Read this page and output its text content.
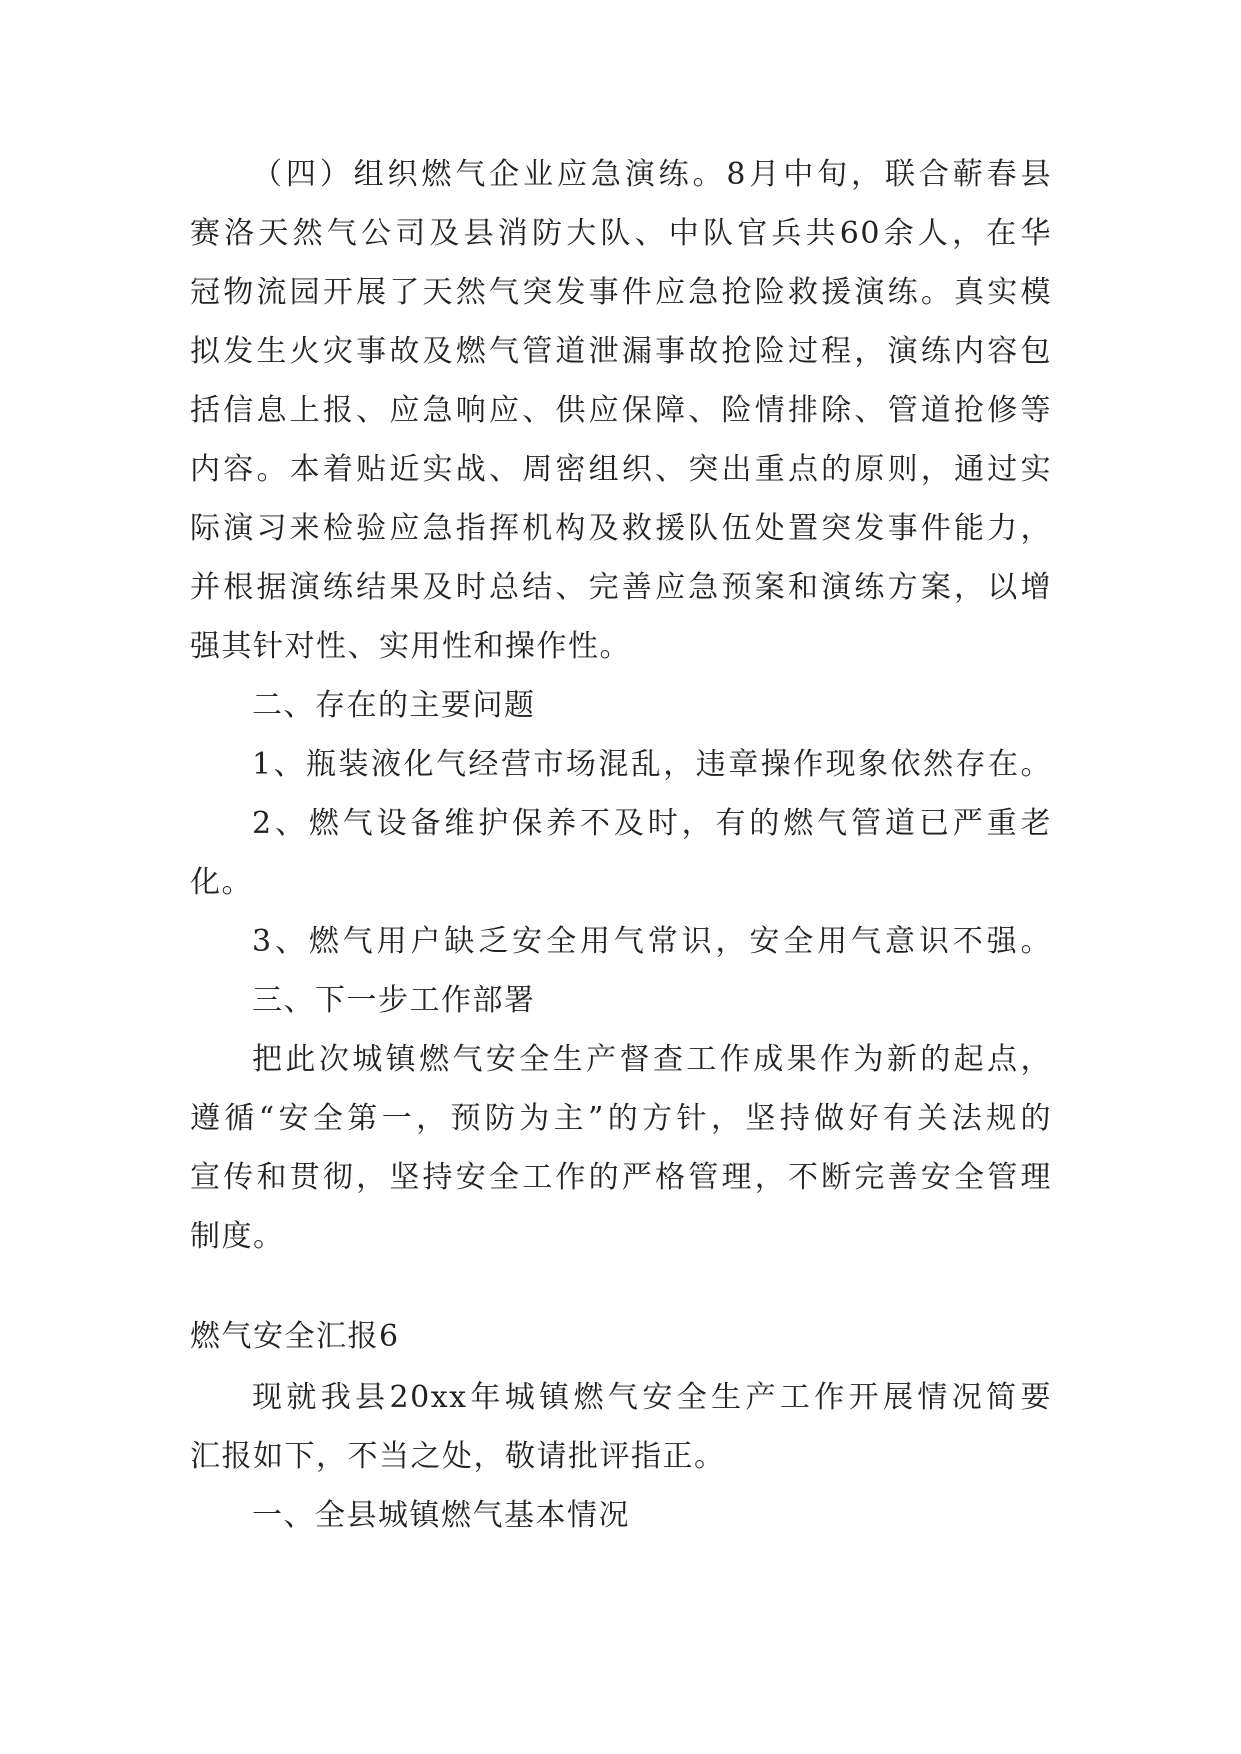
（四）组织燃气企业应急演练。8月中旬，联合蕲春县
赛洛天然气公司及县消防大队、中队官兵共60余人，在华
冠物流园开展了天然气突发事件应急抢险救援演练。真实模
拟发生火灾事故及燃气管道泄漏事故抢险过程，演练内容包
括信息上报、应急响应、供应保障、险情排除、管道抢修等
内容。本着贴近实战、周密组织、突出重点的原则，通过实
际演习来检验应急指挥机构及救援队伍处置突发事件能力，
并根据演练结果及时总结、完善应急预案和演练方案，以增
强其针对性、实用性和操作性。
二、存在的主要问题
1、瓶装液化气经营市场混乱，违章操作现象依然存在。
2、燃气设备维护保养不及时，有的燃气管道已严重老
化。
3、燃气用户缺乏安全用气常识，安全用气意识不强。
三、下一步工作部署
把此次城镇燃气安全生产督查工作成果作为新的起点，
遵循“安全第一，预防为主”的方针，坚持做好有关法规的
宣传和贯彻，坚持安全工作的严格管理，不断完善安全管理
制度。
燃气安全汇报6
现就我县20xx年城镇燃气安全生产工作开展情况简要
汇报如下，不当之处，敬请批评指正。
一、全县城镇燃气基本情况
